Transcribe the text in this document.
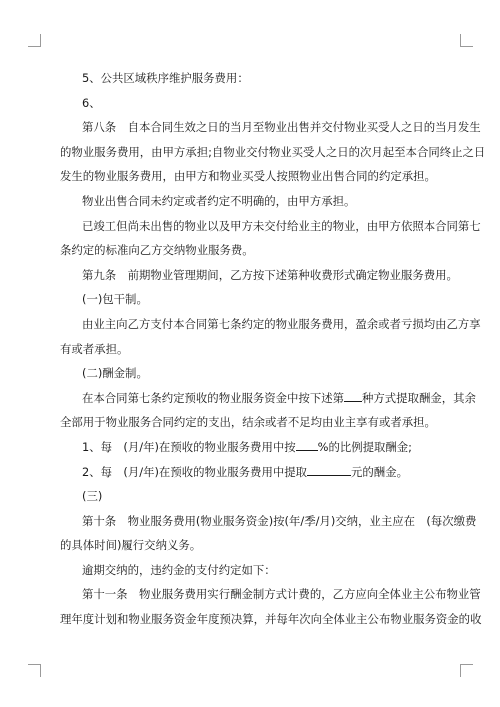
5、公共区域秩序维护服务费用：

6、

第八条　自本合同生效之日的当月至物业出售并交付物业买受人之日的当月发生

的物业服务费用，由甲方承担;自物业交付物业买受人之日的次月起至本合同终止之日

发生的物业服务费用，由甲方和物业买受人按照物业出售合同的约定承担。

物业出售合同未约定或者约定不明确的，由甲方承担。

已竣工但尚未出售的物业以及甲方未交付给业主的物业，由甲方依照本合同第七

条约定的标准向乙方交纳物业服务费。

第九条　前期物业管理期间，乙方按下述第种收费形式确定物业服务费用。

(一)包干制。

由业主向乙方支付本合同第七条约定的物业服务费用，盈余或者亏损均由乙方享

有或者承担。

(二)酬金制。

在本合同第七条约定预收的物业服务资金中按下述第 种方式提取酬金，其余

全部用于物业服务合同约定的支出，结余或者不足均由业主享有或者承担。

1、每　(月/年)在预收的物业服务费用中按 %的比例提取酬金;

2、每　(月/年)在预收的物业服务费用中提取	元的酬金。

(三)

第十条　物业服务费用(物业服务资金)按(年/季/月)交纳，业主应在　(每次缴费

的具体时间)履行交纳义务。

逾期交纳的，违约金的支付约定如下：

第十一条　物业服务费用实行酬金制方式计费的，乙方应向全体业主公布物业管

理年度计划和物业服务资金年度预决算，并每年次向全体业主公布物业服务资金的收
